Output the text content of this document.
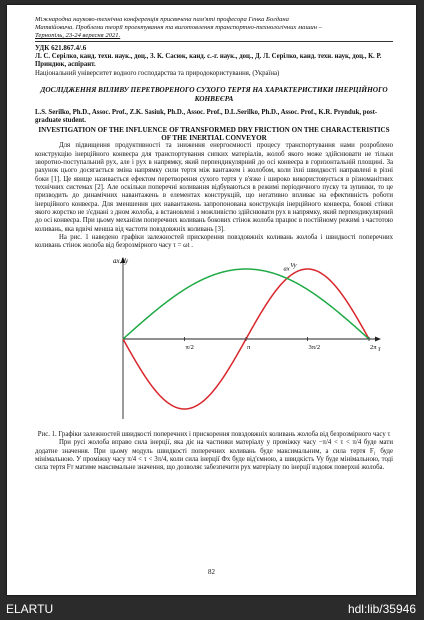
Міжнародна науково-технічна конференція присвячена пам'яті професора Генка Богдана
Матвійовича. Проблеми теорії проектування та виготовлення транспортно-технологічних машин –
Тернопіль, 23-24 вересня 2021.
УДК 621.867.4/.6
Л. С. Серілко, канд. техн. наук., доц., З. К. Сасюк, канд. с.-г. наук., доц., Д. Л. Серілко, канд. техн. наук, доц., К. Р. Приндюк, аспірант.
Національний університет водного господарства та природокористування, (Україна)
ДОСЛІДЖЕННЯ ВПЛИВУ ПЕРЕТВОРЕНОГО СУХОГО ТЕРТЯ НА ХАРАКТЕРИСТИКИ ІНЕРЦІЙНОГО КОНВЕЄРА
L.S. Serilko, Ph.D., Assoc. Prof., Z.K. Sasiuk, Ph.D., Assoc. Prof., D.L.Serilko, Ph.D., Assoc. Prof., K.R. Prynduk, post-graduate student.
INVESTIGATION OF THE INFLUENCE OF TRANSFORMED DRY FRICTION ON THE CHARACTERISTICS OF THE INERTIAL CONVEYOR

Для підвищення продуктивності та зниження енергоємності процесу транспортування нами розроблено конструкцію інерційного конвеєра для транспортування сипких матеріалів, жолоб якого може здійснювати не тільки зворотно-поступальний рух, але і рух в напрямку, який перпендикулярний до осі конвеєра в горизонтальній площині. За рахунок цього досягається зміна напрямку сили тертя між вантажем і жолобом, коли їхні швидкості направлені в різні боки [1]. Це явище називається ефектом перетворення сухого тертя у в'язке і широко використовується в різноманітних технічних системах [2]. Але оскільки поперечні коливання відбуваються в режимі періодичного пуску та зупинки, то це призводить до динамічних навантажень в елементах конструкцій, що негативно впливає на ефективність роботи інерційного конвеєра. Для зменшення цих навантажень запропонована конструкція інерційного конвеєра, бокові стінки якого жорстко не з'єднані з дном жолоба, а встановлені з можливістю здійснювати рух в напрямку, який перпендикулярний до осі конвеєра. При цьому механізм поперечних коливань бокових стінок жолоба працює в постійному режимі з частотою коливань, яка вдвічі менша від частоти повздовжніх коливань [3].

На рис. 1 наведено графіки залежностей прискорення повздовжніх коливань жолоба і швидкості поперечних коливань стінок жолоба від безрозмірного часу τ = ωt .

aх,Vy
τ
aх Vy
π/2	π	3π/2	2π
Рис. 1. Графіки залежностей швидкості поперечних і прискорення повздовжніх коливань жолоба від безрозмірного часу τ

При русі жолоба вправо сила інерції, яка діє на частинки матеріалу у проміжку часу −π/4 < τ < π/4 буде мати додатне значення. При цьому модуль швидкості поперечних коливань буде максимальним, а сила тертя F₁ буде мінімальною. У проміжку часу π/4 < τ < 3π/4, коли сила інерції Фх буде від'ємною, а швидкість Vy буде мінімальною, тоді сила тертя Fт матиме максимальне значення, що дозволяє забезпечити рух матеріалу по інерції вздовж поверхні жолоба.

82
ELARTU	hdl:lib/35946
